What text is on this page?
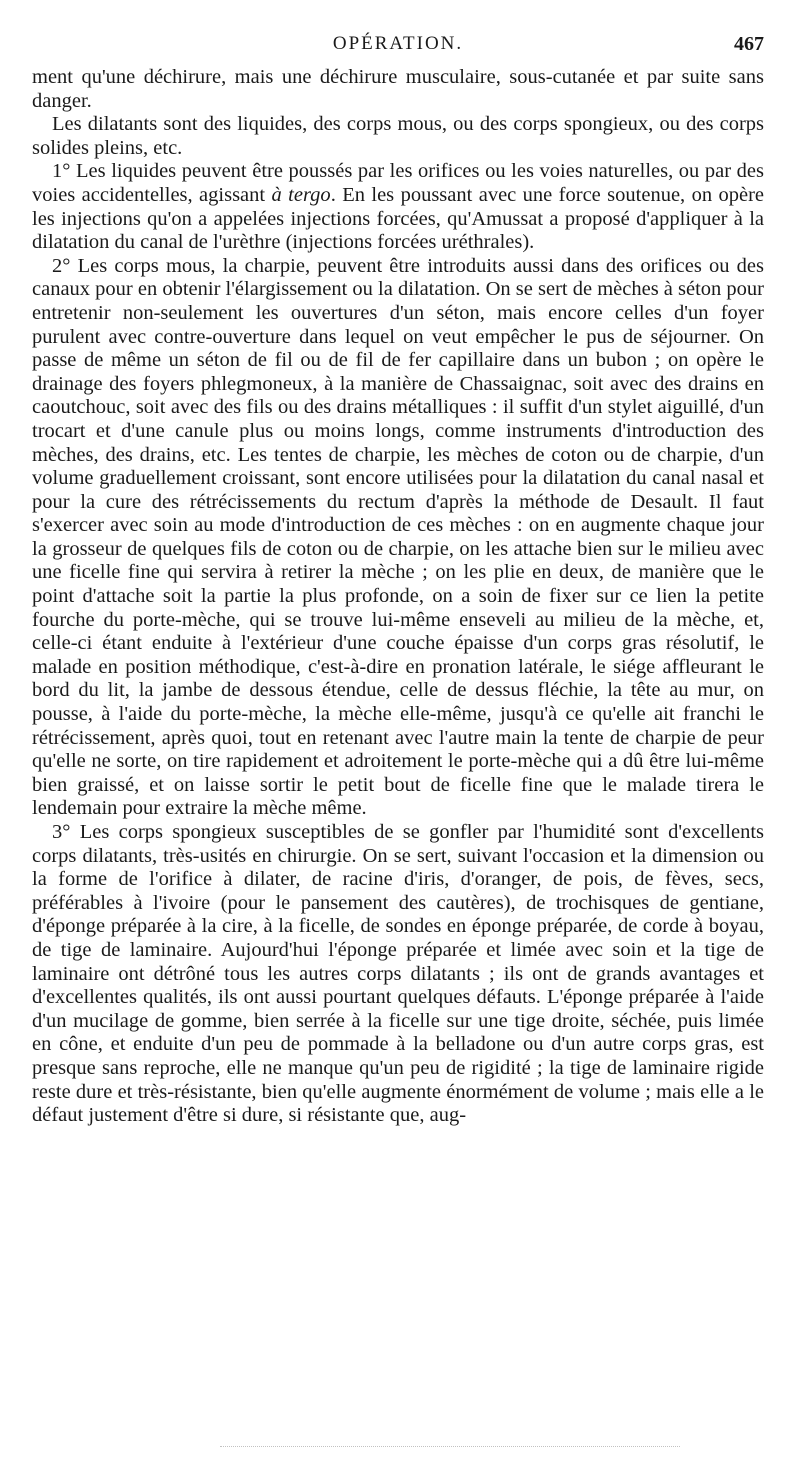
OPÉRATION.	467

ment qu'une déchirure, mais une déchirure musculaire, sous-cutanée et par suite sans danger.

Les dilatants sont des liquides, des corps mous, ou des corps spongieux, ou des corps solides pleins, etc.

1° Les liquides peuvent être poussés par les orifices ou les voies naturelles, ou par des voies accidentelles, agissant à tergo. En les poussant avec une force soutenue, on opère les injections qu'on a appelées injections forcées, qu'Amussat a proposé d'appliquer à la dilatation du canal de l'urèthre (injections forcées uréthrales).

2° Les corps mous, la charpie, peuvent être introduits aussi dans des orifices ou des canaux pour en obtenir l'élargissement ou la dilatation. On se sert de mèches à séton pour entretenir non-seulement les ouvertures d'un séton, mais encore celles d'un foyer purulent avec contre-ouverture dans lequel on veut empêcher le pus de séjourner. On passe de même un séton de fil ou de fil de fer capillaire dans un bubon ; on opère le drainage des foyers phlegmoneux, à la manière de Chassaignac, soit avec des drains en caoutchouc, soit avec des fils ou des drains métalliques : il suffit d'un stylet aiguillé, d'un trocart et d'une canule plus ou moins longs, comme instruments d'introduction des mèches, des drains, etc. Les tentes de charpie, les mèches de coton ou de charpie, d'un volume graduellement croissant, sont encore utilisées pour la dilatation du canal nasal et pour la cure des rétrécissements du rectum d'après la méthode de Desault. Il faut s'exercer avec soin au mode d'introduction de ces mèches : on en augmente chaque jour la grosseur de quelques fils de coton ou de charpie, on les attache bien sur le milieu avec une ficelle fine qui servira à retirer la mèche ; on les plie en deux, de manière que le point d'attache soit la partie la plus profonde, on a soin de fixer sur ce lien la petite fourche du porte-mèche, qui se trouve lui-même enseveli au milieu de la mèche, et, celle-ci étant enduite à l'extérieur d'une couche épaisse d'un corps gras résolutif, le malade en position méthodique, c'est-à-dire en pronation latérale, le siége affleurant le bord du lit, la jambe de dessous étendue, celle de dessus fléchie, la tête au mur, on pousse, à l'aide du porte-mèche, la mèche elle-même, jusqu'à ce qu'elle ait franchi le rétrécissement, après quoi, tout en retenant avec l'autre main la tente de charpie de peur qu'elle ne sorte, on tire rapidement et adroitement le porte-mèche qui a dû être lui-même bien graissé, et on laisse sortir le petit bout de ficelle fine que le malade tirera le lendemain pour extraire la mèche même.

3° Les corps spongieux susceptibles de se gonfler par l'humidité sont d'excellents corps dilatants, très-usités en chirurgie. On se sert, suivant l'occasion et la dimension ou la forme de l'orifice à dilater, de racine d'iris, d'oranger, de pois, de fèves, secs, préférables à l'ivoire (pour le pansement des cautères), de trochisques de gentiane, d'éponge préparée à la cire, à la ficelle, de sondes en éponge préparée, de corde à boyau, de tige de laminaire. Aujourd'hui l'éponge préparée et limée avec soin et la tige de laminaire ont détrôné tous les autres corps dilatants ; ils ont de grands avantages et d'excellentes qualités, ils ont aussi pourtant quelques défauts. L'éponge préparée à l'aide d'un mucilage de gomme, bien serrée à la ficelle sur une tige droite, séchée, puis limée en cône, et enduite d'un peu de pommade à la belladone ou d'un autre corps gras, est presque sans reproche, elle ne manque qu'un peu de rigidité ; la tige de laminaire rigide reste dure et très-résistante, bien qu'elle augmente énormément de volume ; mais elle a le défaut justement d'être si dure, si résistante que, aug-
